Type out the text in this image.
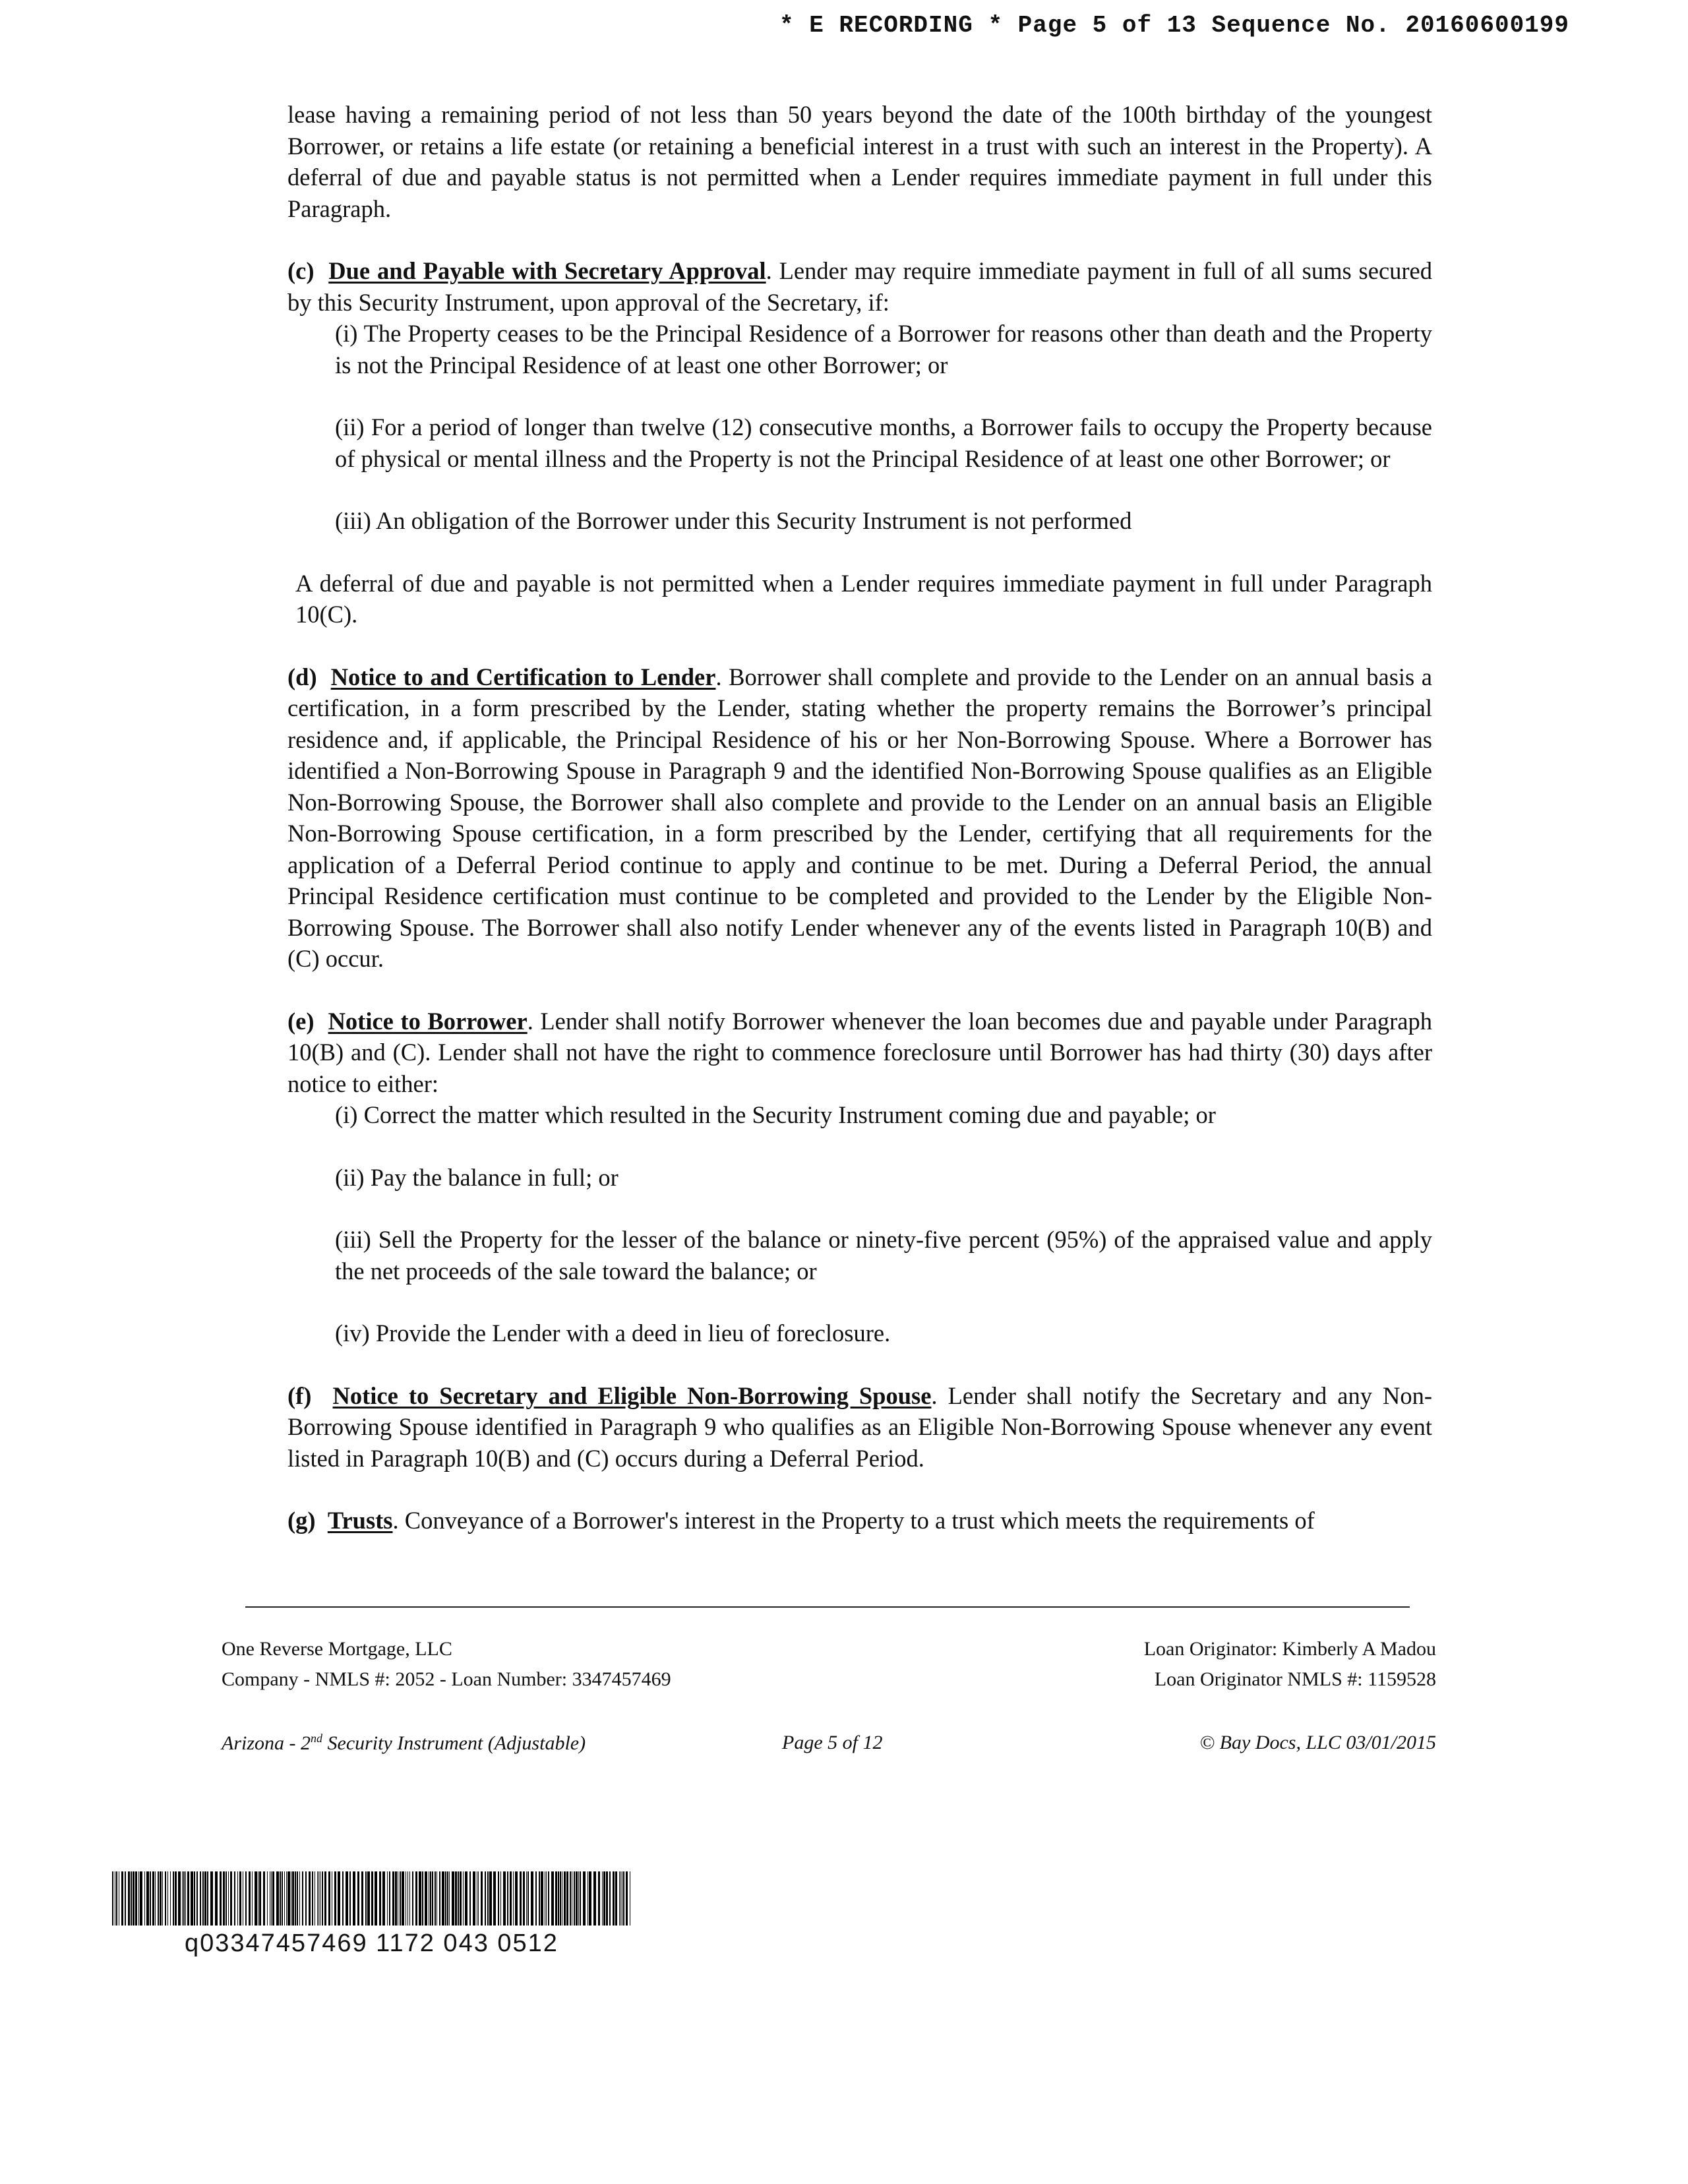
* E RECORDING * Page 5 of 13 Sequence No. 20160600199

lease having a remaining period of not less than 50 years beyond the date of the 100th birthday of the youngest Borrower, or retains a life estate (or retaining a beneficial interest in a trust with such an interest in the Property). A deferral of due and payable status is not permitted when a Lender requires immediate payment in full under this Paragraph.

(c) Due and Payable with Secretary Approval. Lender may require immediate payment in full of all sums secured by this Security Instrument, upon approval of the Secretary, if:

(i) The Property ceases to be the Principal Residence of a Borrower for reasons other than death and the Property is not the Principal Residence of at least one other Borrower; or

(ii) For a period of longer than twelve (12) consecutive months, a Borrower fails to occupy the Property because of physical or mental illness and the Property is not the Principal Residence of at least one other Borrower; or

(iii) An obligation of the Borrower under this Security Instrument is not performed

A deferral of due and payable is not permitted when a Lender requires immediate payment in full under Paragraph 10(C).

(d) Notice to and Certification to Lender. Borrower shall complete and provide to the Lender on an annual basis a certification, in a form prescribed by the Lender, stating whether the property remains the Borrower’s principal residence and, if applicable, the Principal Residence of his or her Non-Borrowing Spouse. Where a Borrower has identified a Non-Borrowing Spouse in Paragraph 9 and the identified Non-Borrowing Spouse qualifies as an Eligible Non-Borrowing Spouse, the Borrower shall also complete and provide to the Lender on an annual basis an Eligible Non-Borrowing Spouse certification, in a form prescribed by the Lender, certifying that all requirements for the application of a Deferral Period continue to apply and continue to be met. During a Deferral Period, the annual Principal Residence certification must continue to be completed and provided to the Lender by the Eligible Non-Borrowing Spouse. The Borrower shall also notify Lender whenever any of the events listed in Paragraph 10(B) and (C) occur.

(e) Notice to Borrower. Lender shall notify Borrower whenever the loan becomes due and payable under Paragraph 10(B) and (C). Lender shall not have the right to commence foreclosure until Borrower has had thirty (30) days after notice to either:

(i) Correct the matter which resulted in the Security Instrument coming due and payable; or

(ii) Pay the balance in full; or

(iii) Sell the Property for the lesser of the balance or ninety-five percent (95%) of the appraised value and apply the net proceeds of the sale toward the balance; or

(iv) Provide the Lender with a deed in lieu of foreclosure.

(f) Notice to Secretary and Eligible Non-Borrowing Spouse. Lender shall notify the Secretary and any Non-Borrowing Spouse identified in Paragraph 9 who qualifies as an Eligible Non-Borrowing Spouse whenever any event listed in Paragraph 10(B) and (C) occurs during a Deferral Period.

(g) Trusts. Conveyance of a Borrower's interest in the Property to a trust which meets the requirements of

One Reverse Mortgage, LLC	Loan Originator: Kimberly A Madou
Company - NMLS #: 2052 - Loan Number: 3347457469	Loan Originator NMLS #: 1159528
Arizona - 2nd Security Instrument (Adjustable)	Page 5 of 12	© Bay Docs, LLC 03/01/2015
q03347457469 1172 043 0512
